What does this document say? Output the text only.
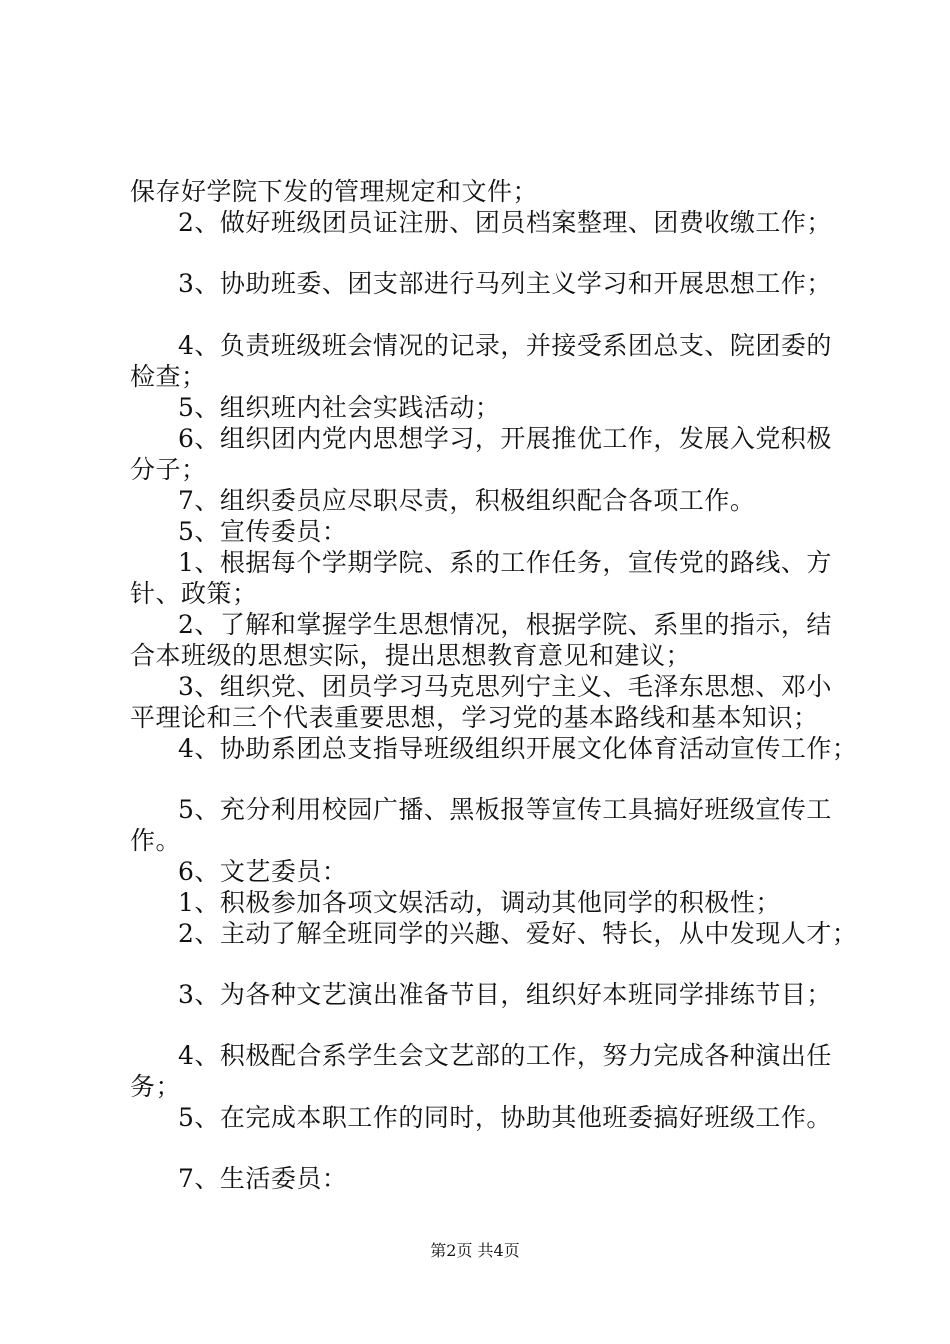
保存好学院下发的管理规定和文件；

2、做好班级团员证注册、团员档案整理、团费收缴工作；

3、协助班委、团支部进行马列主义学习和开展思想工作；

4、负责班级班会情况的记录，并接受系团总支、院团委的

检查；

5、组织班内社会实践活动；

6、组织团内党内思想学习，开展推优工作，发展入党积极

分子；

7、组织委员应尽职尽责，积极组织配合各项工作。

5、宣传委员：

1、根据每个学期学院、系的工作任务，宣传党的路线、方

针、政策；

2、了解和掌握学生思想情况，根据学院、系里的指示，结

合本班级的思想实际，提出思想教育意见和建议；

3、组织党、团员学习马克思列宁主义、毛泽东思想、邓小

平理论和三个代表重要思想，学习党的基本路线和基本知识；

4、协助系团总支指导班级组织开展文化体育活动宣传工作；

5、充分利用校园广播、黑板报等宣传工具搞好班级宣传工

作。

6、文艺委员：

1、积极参加各项文娱活动，调动其他同学的积极性；

2、主动了解全班同学的兴趣、爱好、特长，从中发现人才；

3、为各种文艺演出准备节目，组织好本班同学排练节目；

4、积极配合系学生会文艺部的工作，努力完成各种演出任

务；

5、在完成本职工作的同时，协助其他班委搞好班级工作。

7、生活委员：

第2页 共4页
